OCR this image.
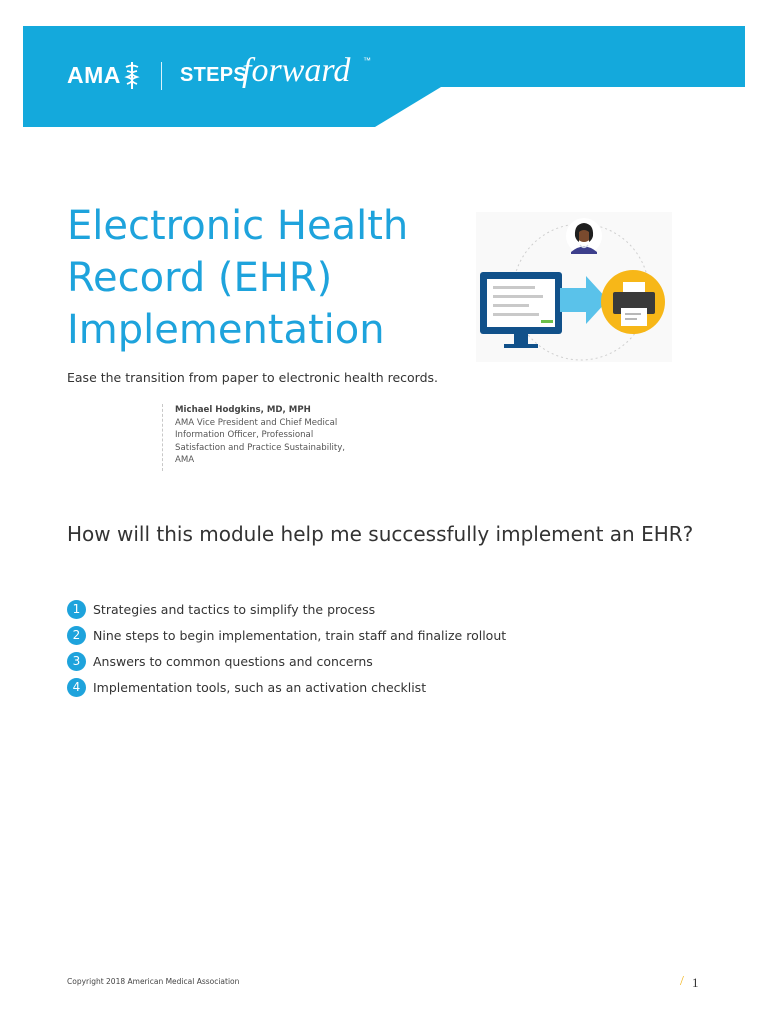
AMA	STEPS
forward ™
Electronic Health
Record (EHR)
Implementation

Ease the transition from paper to electronic health records.

Michael Hodgkins, MD, MPH
AMA Vice President and Chief Medical
Information Officer, Professional
Satisfaction and Practice Sustainability,
AMA
How will this module help me successfully implement an EHR?
1	Strategies and tactics to simplify the process
2	Nine steps to begin implementation, train staff and finalize rollout
3	Answers to common questions and concerns
4	Implementation tools, such as an activation checklist
Copyright 2018 American Medical Association	/ 1
